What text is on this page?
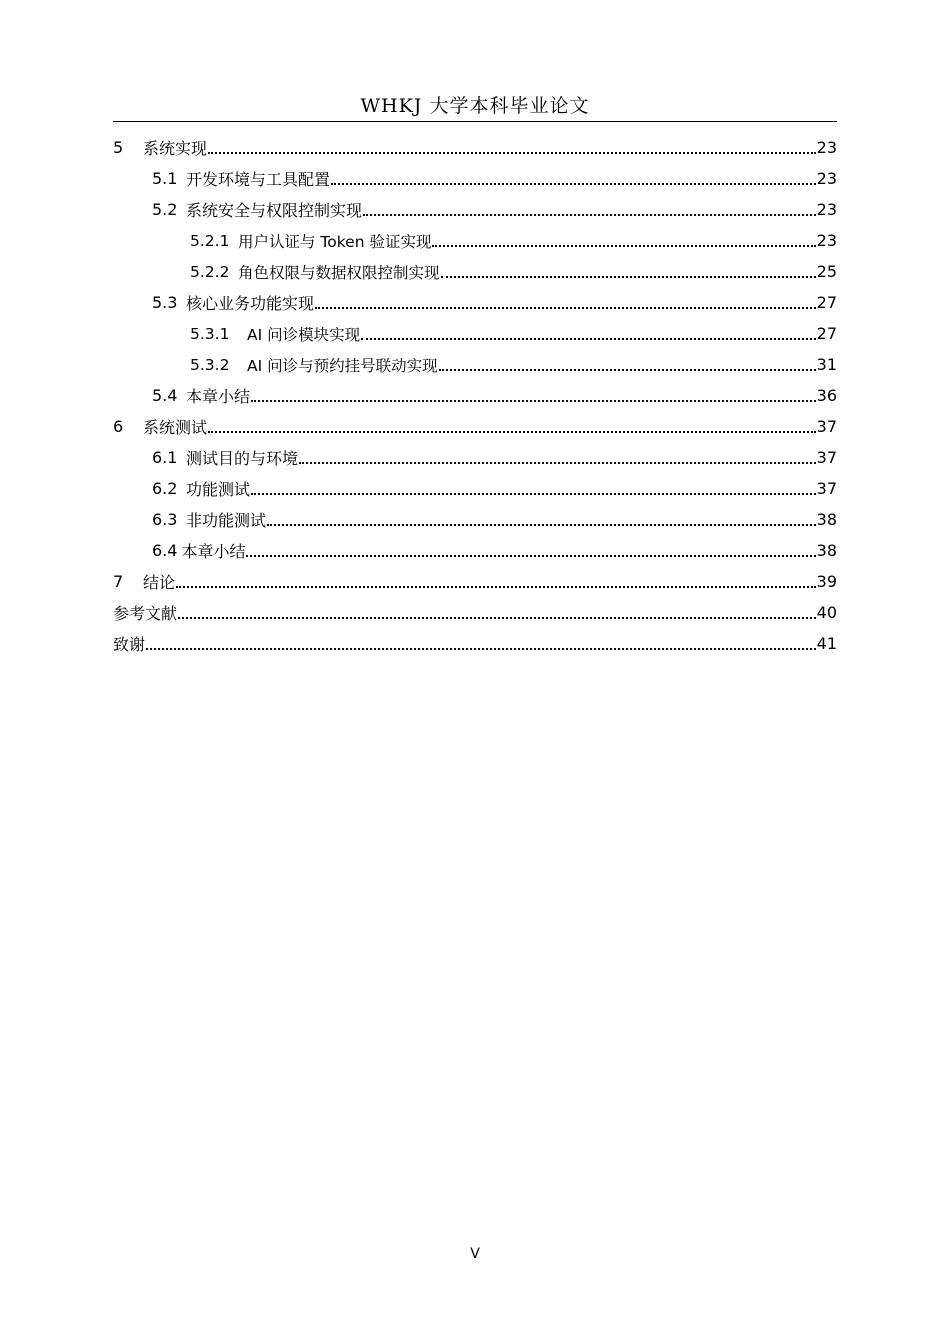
WHKJ 大学本科毕业论文
5	系统实现	23
5.1 开发环境与工具配置	23
5.2 系统安全与权限控制实现	23
5.2.1 用户认证与 Token 验证实现	23
5.2.2 角色权限与数据权限控制实现	25
5.3 核心业务功能实现	27
5.3.1	AI 问诊模块实现	27
5.3.2	AI 问诊与预约挂号联动实现	31
5.4 本章小结	36
6	系统测试	37
6.1 测试目的与环境	37
6.2 功能测试	37
6.3 非功能测试	38
6.4 本章小结	38
7	结论	39
参考文献	40
致谢	41
V
